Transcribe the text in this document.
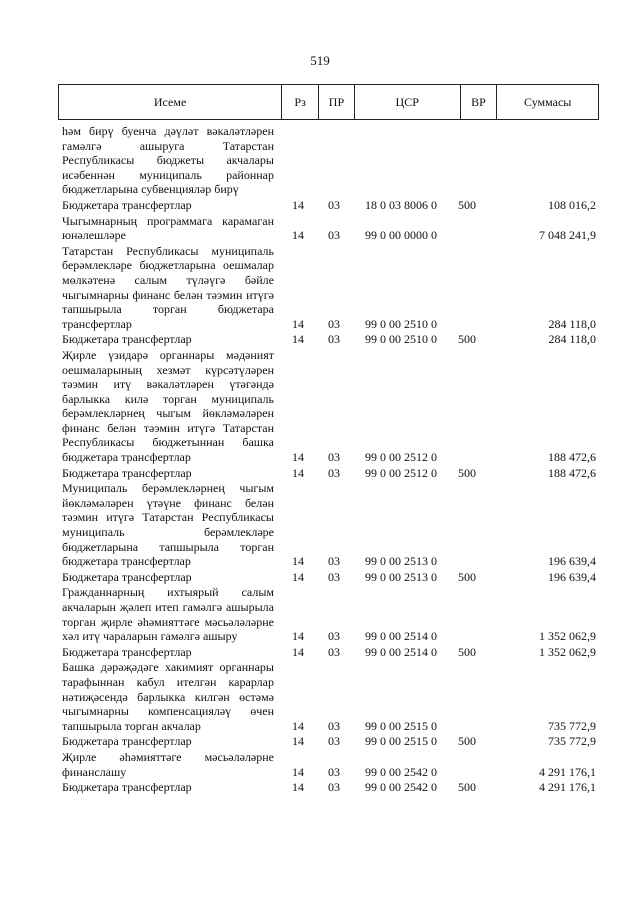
519
Исеме	Рз	ПР	ЦСР	ВР	Суммасы
һәм бирү буенча дәүләт вәкаләтләрен гамәлгә ашыруга Татарстан Республикасы бюджеты акчалары исәбеннән муниципаль районнар бюджетларына субвенцияләр бирү
Бюджетара трансфертлар	14 03 18 0 03 8006 0 500	108 016,2
Чыгымнарның программага карамаган юнәлешләре	14 03 99 0 00 0000 0	7 048 241,9
Татарстан Республикасы муниципаль берәмлекләре бюджетларына оешмалар мөлкәтенә салым түләүгә бәйле чыгымнарны финанс белән тәэмин итүгә тапшырыла торган бюджетара трансфертлар	14 03 99 0 00 2510 0	284 118,0
Бюджетара трансфертлар	14 03 99 0 00 2510 0 500	284 118,0
Җирле үзидарә органнары мәдәният оешмаларының хезмәт күрсәтүләрен тәэмин итү вәкаләтләрен үтәгәндә барлыкка килә торган муниципаль берәмлекләрнең чыгым йөкләмәләрен финанс белән тәэмин итүгә Татарстан Республикасы бюджетыннан башка бюджетара трансфертлар	14 03 99 0 00 2512 0	188 472,6
Бюджетара трансфертлар	14 03 99 0 00 2512 0 500	188 472,6
Муниципаль берәмлекләрнең чыгым йөкләмәләрен үтәүне финанс белән тәэмин итүгә Татарстан Республикасы муниципаль берәмлекләре бюджетларына тапшырыла торган бюджетара трансфертлар	14 03 99 0 00 2513 0	196 639,4
Бюджетара трансфертлар	14 03 99 0 00 2513 0 500	196 639,4
Гражданнарның ихтыярый салым акчаларын җәлеп итеп гамәлгә ашырыла торган җирле әһәмияттәге мәсьәләләрне хәл итү чараларын гамәлгә ашыру	14 03 99 0 00 2514 0	1 352 062,9
Бюджетара трансфертлар	14 03 99 0 00 2514 0 500	1 352 062,9
Башка дәрәҗәдәге хакимият органнары тарафыннан кабул ителгән карарлар нәтиҗәсендә барлыкка килгән өстәмә чыгымнарны компенсацияләү өчен тапшырыла торган акчалар	14 03 99 0 00 2515 0	735 772,9
Бюджетара трансфертлар	14 03 99 0 00 2515 0 500	735 772,9
Җирле әһәмияттәге мәсьәләләрне финанслашу	14 03 99 0 00 2542 0	4 291 176,1
Бюджетара трансфертлар	14 03 99 0 00 2542 0 500	4 291 176,1
